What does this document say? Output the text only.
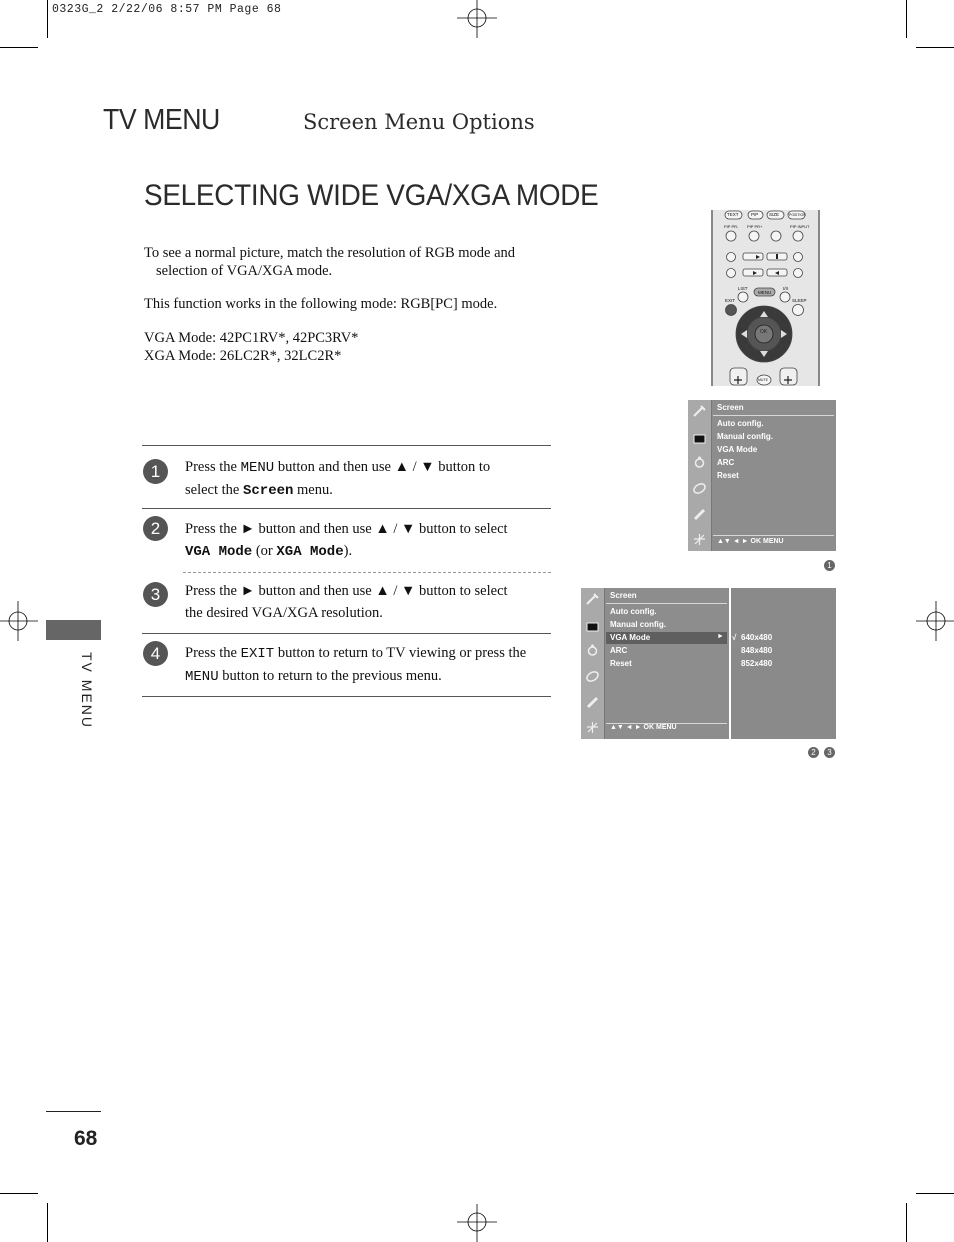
0323G_2 2/22/06 8:57 PM Page 68
TV MENU	Screen Menu Options
SELECTING WIDE VGA/XGA MODE
To see a normal picture, match the resolution of RGB mode and
selection of VGA/XGA mode.
This function works in the following mode: RGB[PC] mode.
VGA Mode: 42PC1RV*, 42PC3RV*
XGA Mode: 26LC2R*, 32LC2R*
1	Press the MENU button and then use ▲ / ▼ button to
select the Screen menu.
2	Press the ► button and then use ▲ / ▼ button to select
VGA Mode (or XGA Mode).
3	Press the ► button and then use ▲ / ▼ button to select
the desired VGA/XGA resolution.
4	Press the EXIT button to return to TV viewing or press the
MENU button to return to the previous menu.
TV MENU
68
TEXT	PIP SIZE	POSITION
PIP PR- PIP PR+	PIP INPUT
LIST	I/II
MENU
EXIT	SLEEP
OK
MUTE
Screen
Auto config.
Manual config.
VGA Mode
ARC
Reset
▲▼ ◄ ► OK MENU
1
Screen
Auto config.
Manual config.
VGA Mode	►
ARC
Reset
▲▼ ◄ ► OK MENU
√ 640x480
848x480
852x480
2	3
